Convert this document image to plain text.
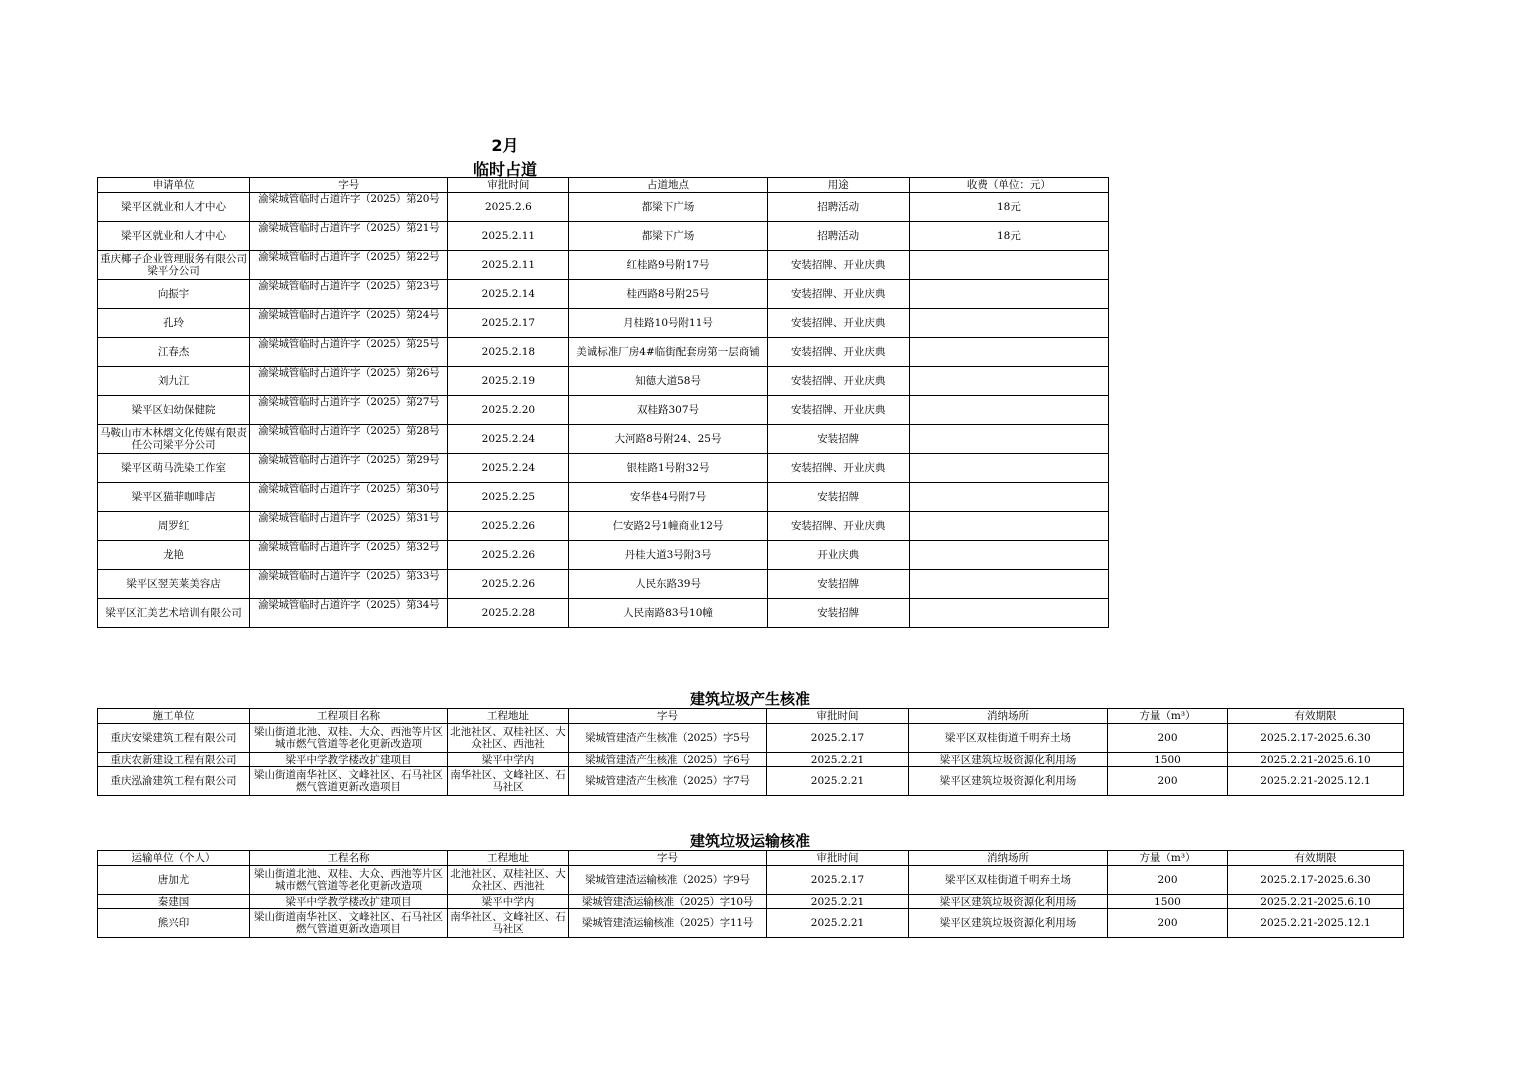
2月
临时占道
申请单位	字号	审批时间	占道地点	用途	收费（单位：元）
梁平区就业和人才中心	渝梁城管临时占道许字（2025）第20号	2025.2.6	都梁下广场	招聘活动	18元
梁平区就业和人才中心	渝梁城管临时占道许字（2025）第21号	2025.2.11	都梁下广场	招聘活动	18元
重庆椰子企业管理服务有限公司梁平分公司	渝梁城管临时占道许字（2025）第22号	2025.2.11	红桂路9号附17号	安装招牌、开业庆典	
向振宇	渝梁城管临时占道许字（2025）第23号	2025.2.14	桂西路8号附25号	安装招牌、开业庆典	
孔玲	渝梁城管临时占道许字（2025）第24号	2025.2.17	月桂路10号附11号	安装招牌、开业庆典	
江春杰	渝梁城管临时占道许字（2025）第25号	2025.2.18	美诚标准厂房4#临街配套房第一层商铺	安装招牌、开业庆典	
刘九江	渝梁城管临时占道许字（2025）第26号	2025.2.19	知德大道58号	安装招牌、开业庆典	
梁平区妇幼保健院	渝梁城管临时占道许字（2025）第27号	2025.2.20	双桂路307号	安装招牌、开业庆典	
马鞍山市木林熠文化传媒有限责任公司梁平分公司	渝梁城管临时占道许字（2025）第28号	2025.2.24	大河路8号附24、25号	安装招牌	
梁平区萌马洗染工作室	渝梁城管临时占道许字（2025）第29号	2025.2.24	银桂路1号附32号	安装招牌、开业庆典	
梁平区猫菲咖啡店	渝梁城管临时占道许字（2025）第30号	2025.2.25	安华巷4号附7号	安装招牌	
周罗红	渝梁城管临时占道许字（2025）第31号	2025.2.26	仁安路2号1幢商业12号	安装招牌、开业庆典	
龙艳	渝梁城管临时占道许字（2025）第32号	2025.2.26	丹桂大道3号附3号	开业庆典	
梁平区翌芙莱美容店	渝梁城管临时占道许字（2025）第33号	2025.2.26	人民东路39号	安装招牌	
梁平区汇美艺术培训有限公司	渝梁城管临时占道许字（2025）第34号	2025.2.28	人民南路83号10幢	安装招牌	
建筑垃圾产生核准
施工单位	工程项目名称	工程地址	字号	审批时间	消纳场所	方量（m³）	有效期限
重庆安梁建筑工程有限公司	梁山街道北池、双桂、大众、西池等片区城市燃气管道等老化更新改造项	北池社区、双桂社区、大众社区、西池社	梁城管建渣产生核准（2025）字5号	2025.2.17	梁平区双桂街道千明弃土场	200	2025.2.17-2025.6.30
重庆农新建设工程有限公司	梁平中学教学楼改扩建项目	梁平中学内	梁城管建渣产生核准（2025）字6号	2025.2.21	梁平区建筑垃圾资源化利用场	1500	2025.2.21-2025.6.10
重庆泓渝建筑工程有限公司	梁山街道南华社区、文峰社区、石马社区燃气管道更新改造项目	南华社区、文峰社区、石马社区	梁城管建渣产生核准（2025）字7号	2025.2.21	梁平区建筑垃圾资源化利用场	200	2025.2.21-2025.12.1
建筑垃圾运输核准
运输单位（个人）	工程名称	工程地址	字号	审批时间	消纳场所	方量（m³）	有效期限
唐加尤	梁山街道北池、双桂、大众、西池等片区城市燃气管道等老化更新改造项	北池社区、双桂社区、大众社区、西池社	梁城管建渣运输核准（2025）字9号	2025.2.17	梁平区双桂街道千明弃土场	200	2025.2.17-2025.6.30
秦建国	梁平中学教学楼改扩建项目	梁平中学内	梁城管建渣运输核准（2025）字10号	2025.2.21	梁平区建筑垃圾资源化利用场	1500	2025.2.21-2025.6.10
熊兴印	梁山街道南华社区、文峰社区、石马社区燃气管道更新改造项目	南华社区、文峰社区、石马社区	梁城管建渣运输核准（2025）字11号	2025.2.21	梁平区建筑垃圾资源化利用场	200	2025.2.21-2025.12.1
